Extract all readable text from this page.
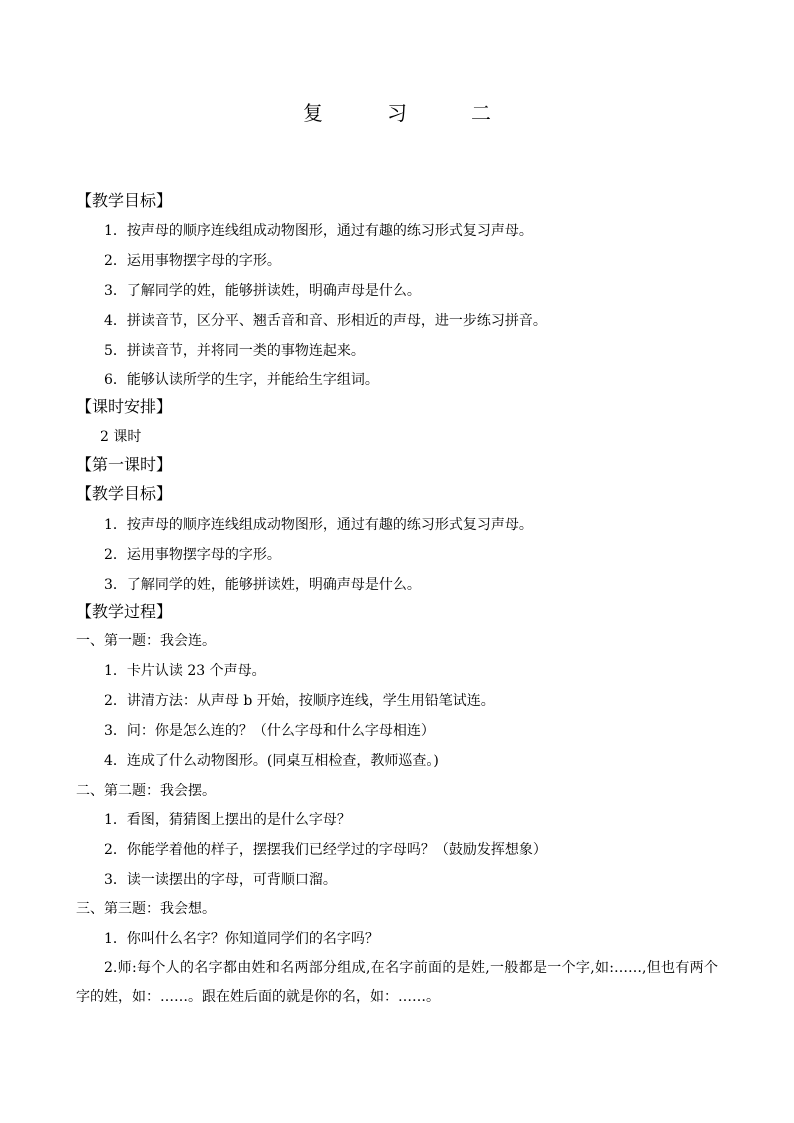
复　习　二
【教学目标】
1．按声母的顺序连线组成动物图形，通过有趣的练习形式复习声母。
2．运用事物摆字母的字形。
3．了解同学的姓，能够拼读姓，明确声母是什么。
4．拼读音节，区分平、翘舌音和音、形相近的声母，进一步练习拼音。
5．拼读音节，并将同一类的事物连起来。
6．能够认读所学的生字，并能给生字组词。
【课时安排】
2 课时
【第一课时】
【教学目标】
1．按声母的顺序连线组成动物图形，通过有趣的练习形式复习声母。
2．运用事物摆字母的字形。
3．了解同学的姓，能够拼读姓，明确声母是什么。
【教学过程】
一、第一题：我会连。
1．卡片认读 23 个声母。
2．讲清方法：从声母 b 开始，按顺序连线，学生用铅笔试连。
3．问：你是怎么连的？（什么字母和什么字母相连）
4．连成了什么动物图形。(同桌互相检查，教师巡查。)
二、第二题：我会摆。
1．看图，猜猜图上摆出的是什么字母？
2．你能学着他的样子，摆摆我们已经学过的字母吗？（鼓励发挥想象）
3．读一读摆出的字母，可背顺口溜。
三、第三题：我会想。
1．你叫什么名字？你知道同学们的名字吗？
2.师:每个人的名字都由姓和名两部分组成,在名字前面的是姓,一般都是一个字,如:……,但也有两个字的姓，如：……。跟在姓后面的就是你的名，如：……。
